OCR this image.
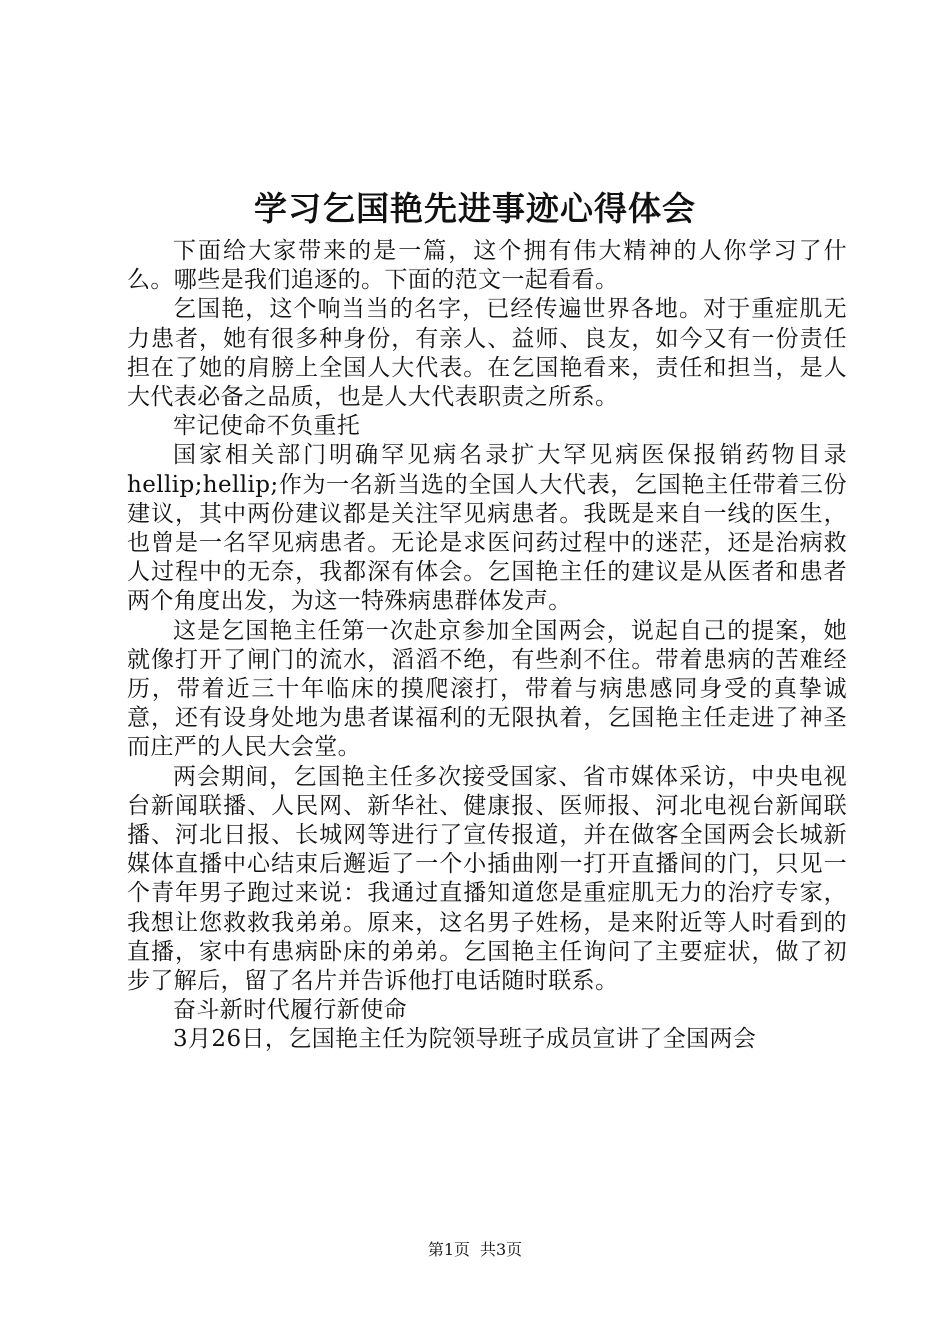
学习乞国艳先进事迹心得体会

下面给大家带来的是一篇，这个拥有伟大精神的人你学习了什么。哪些是我们追逐的。下面的范文一起看看。

乞国艳，这个响当当的名字，已经传遍世界各地。对于重症肌无力患者，她有很多种身份，有亲人、益师、良友，如今又有一份责任担在了她的肩膀上全国人大代表。在乞国艳看来，责任和担当，是人大代表必备之品质，也是人大代表职责之所系。

牢记使命不负重托

国家相关部门明确罕见病名录扩大罕见病医保报销药物目录hellip;hellip;作为一名新当选的全国人大代表，乞国艳主任带着三份建议，其中两份建议都是关注罕见病患者。我既是来自一线的医生，也曾是一名罕见病患者。无论是求医问药过程中的迷茫，还是治病救人过程中的无奈，我都深有体会。乞国艳主任的建议是从医者和患者两个角度出发，为这一特殊病患群体发声。

这是乞国艳主任第一次赴京参加全国两会，说起自己的提案，她就像打开了闸门的流水，滔滔不绝，有些刹不住。带着患病的苦难经历，带着近三十年临床的摸爬滚打，带着与病患感同身受的真挚诚意，还有设身处地为患者谋福利的无限执着，乞国艳主任走进了神圣而庄严的人民大会堂。

两会期间，乞国艳主任多次接受国家、省市媒体采访，中央电视台新闻联播、人民网、新华社、健康报、医师报、河北电视台新闻联播、河北日报、长城网等进行了宣传报道，并在做客全国两会长城新媒体直播中心结束后邂逅了一个小插曲刚一打开直播间的门，只见一个青年男子跑过来说：我通过直播知道您是重症肌无力的治疗专家，我想让您救救我弟弟。原来，这名男子姓杨，是来附近等人时看到的直播，家中有患病卧床的弟弟。乞国艳主任询问了主要症状，做了初步了解后，留了名片并告诉他打电话随时联系。

奋斗新时代履行新使命

3月26日，乞国艳主任为院领导班子成员宣讲了全国两会

第1页 共3页
